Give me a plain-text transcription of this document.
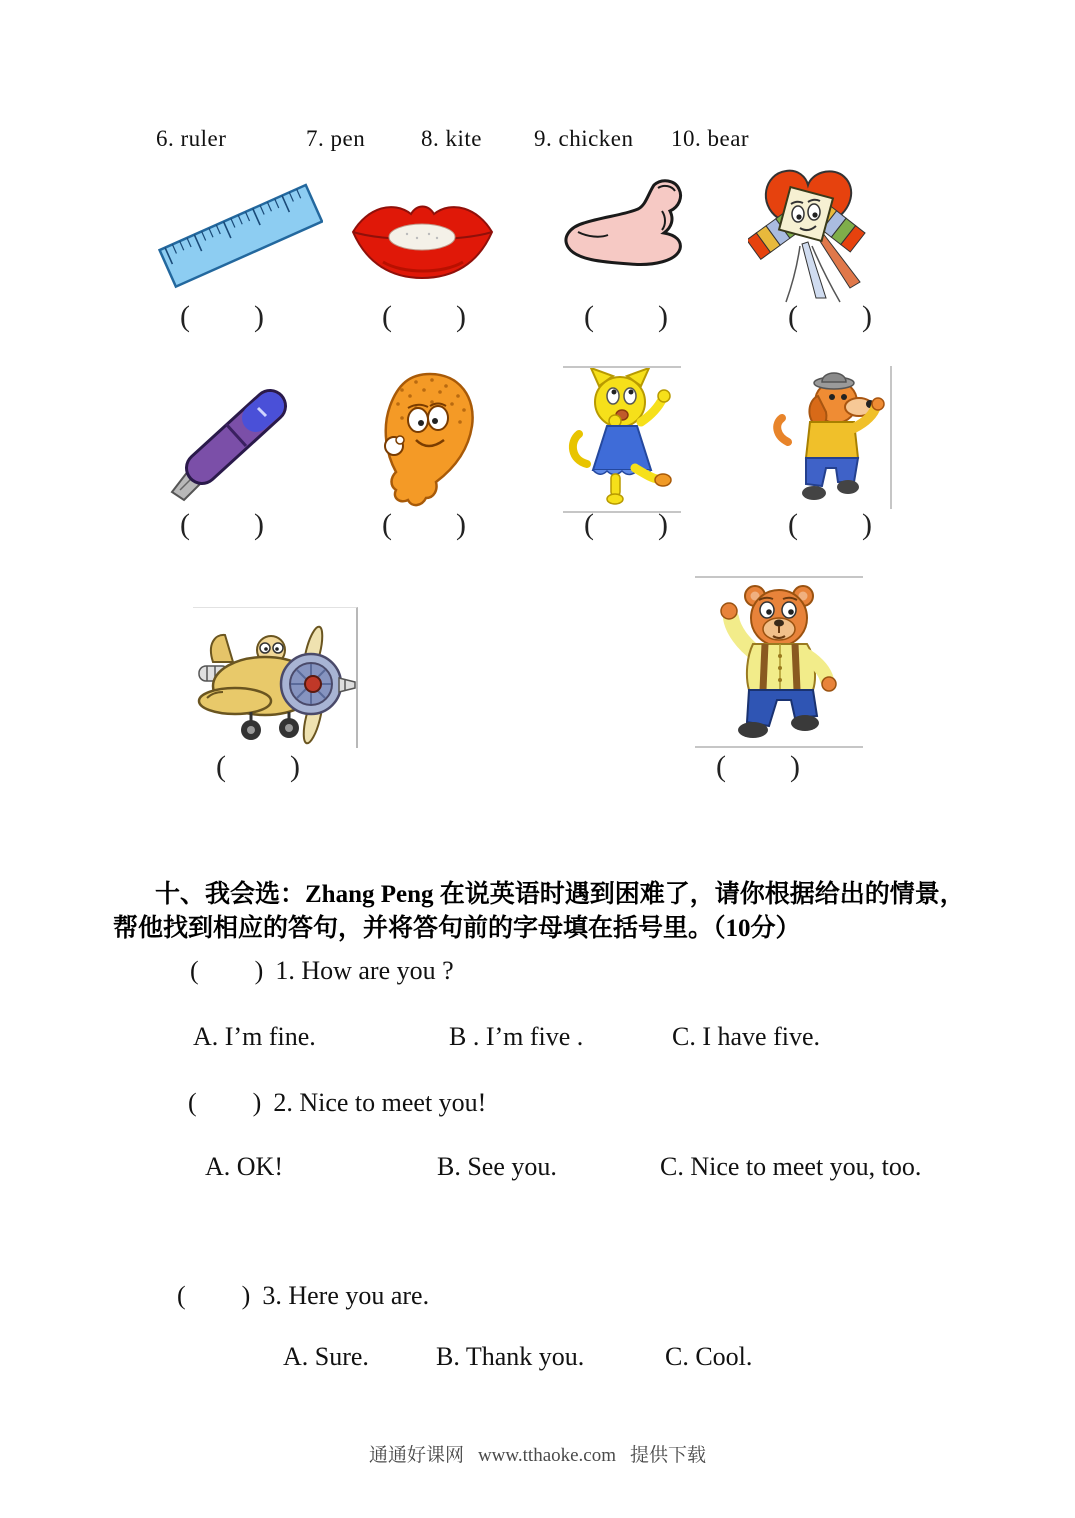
6. ruler	7. pen 8. kite 9. chicken 10. bear
( )	( )	( )	( )
( )	( )	( )	( )
( )	( )
十、我会选：Zhang Peng 在说英语时遇到困难了，请你根据给出的情景，
帮他找到相应的答句，并将答句前的字母填在括号里。（10分）
( ) 1. How are you ?
A. I’m fine.	B . I’m five .	C. I have five.
( ) 2. Nice to meet you!
A. OK!	B. See you.	C. Nice to meet you, too.
( ) 3. Here you are.
A. Sure.	B. Thank you.	C. Cool.
通通好课网 www.tthaoke.com 提供下载
